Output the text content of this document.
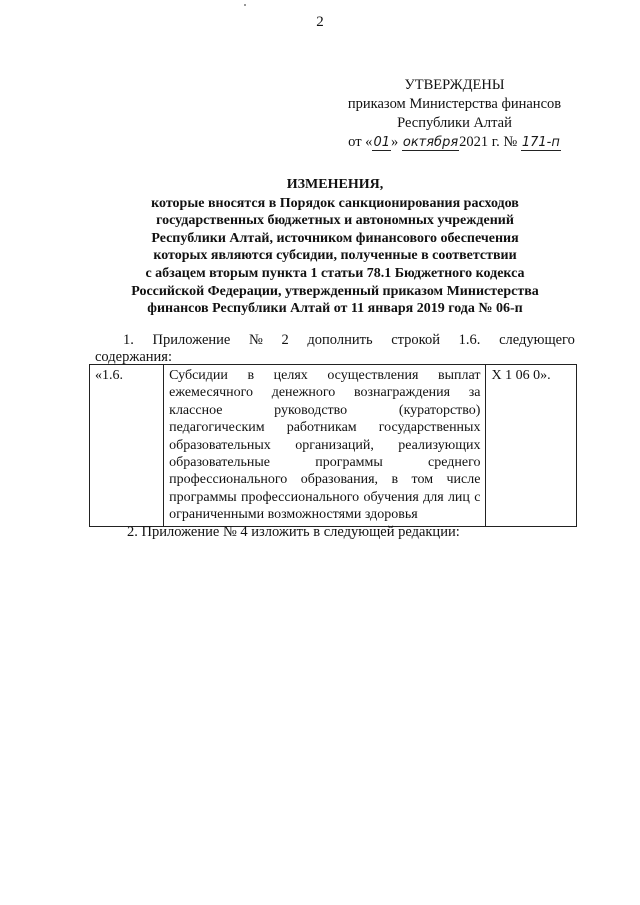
2
УТВЕРЖДЕНЫ
приказом Министерства финансов
Республики Алтай
от «01» октября2021 г. № 171-п
ИЗМЕНЕНИЯ,
которые вносятся в Порядок санкционирования расходов
государственных бюджетных и автономных учреждений
Республики Алтай, источником финансового обеспечения
которых являются субсидии, полученные в соответствии
с абзацем вторым пункта 1 статьи 78.1 Бюджетного кодекса
Российской Федерации, утвержденный приказом Министерства
финансов Республики Алтай от 11 января 2019 года № 06-п
1. Приложение № 2 дополнить строкой 1.6. следующего
содержания:
«1.6.	Субсидии в целях осуществления выплат ежемесячного денежного вознаграждения за классное руководство (кураторство) педагогическим работникам государственных образовательных организаций, реализующих образовательные программы среднего профессионального образования, в том числе программы профессионального обучения для лиц с ограниченными возможностями здоровья	X 1 06 0».
2. Приложение № 4 изложить в следующей редакции:
